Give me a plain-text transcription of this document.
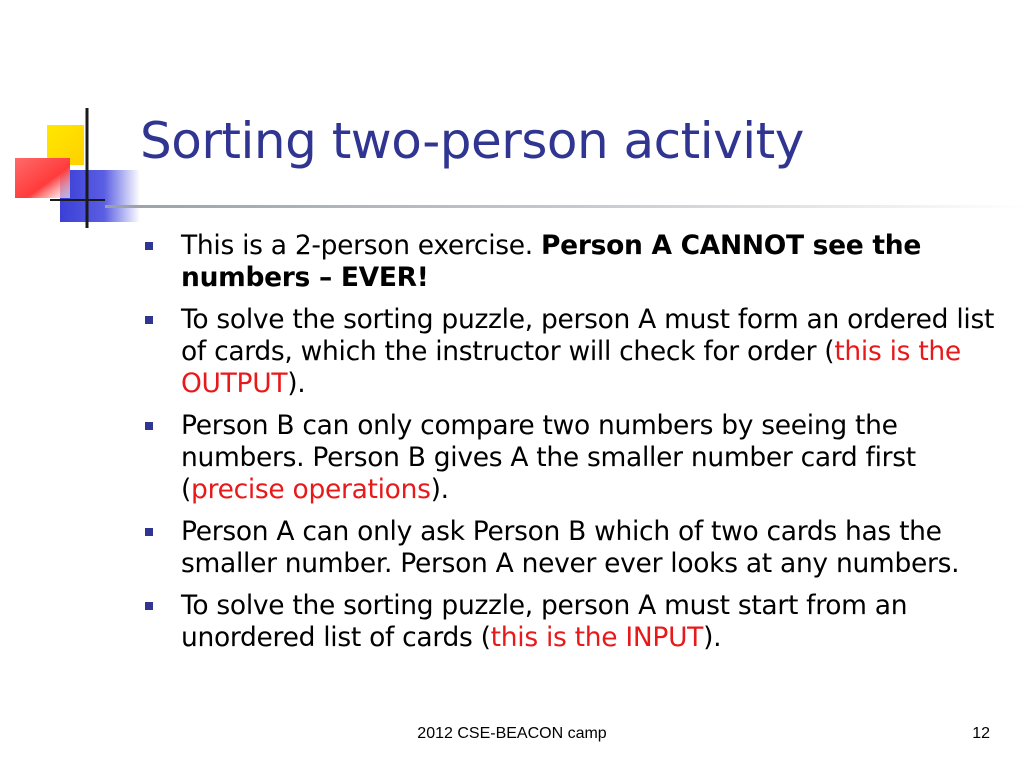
Sorting two-person activity
This is a 2-person exercise. Person A CANNOT see the numbers – EVER!
To solve the sorting puzzle, person A must form an ordered list of cards, which the instructor will check for order (this is the OUTPUT).
Person B can only compare two numbers by seeing the numbers. Person B gives A the smaller number card first (precise operations).
Person A can only ask Person B which of two cards has the smaller number. Person A never ever looks at any numbers.
To solve the sorting puzzle, person A must start from an unordered list of cards (this is the INPUT).
2012 CSE-BEACON camp	12
